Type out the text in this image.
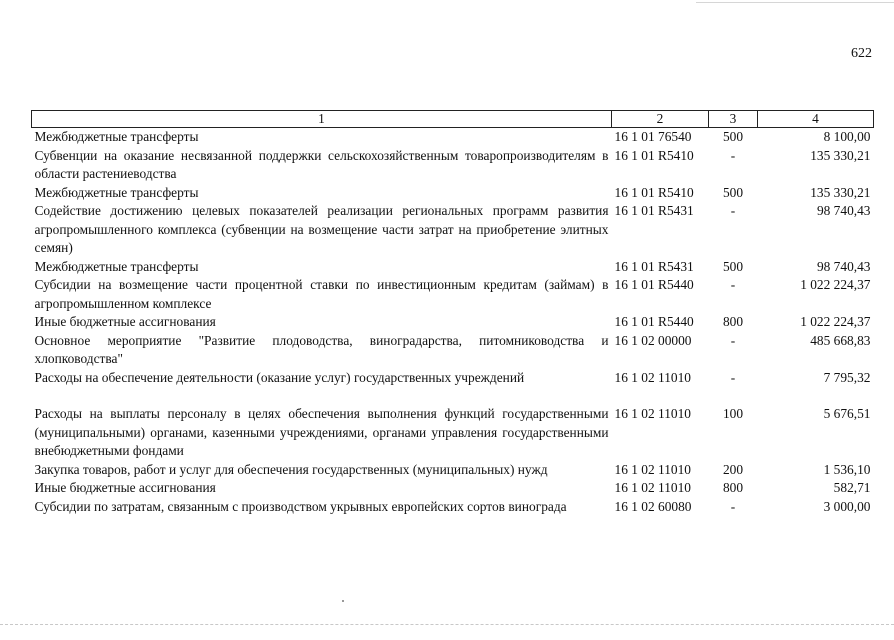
622
1	2	3	4
Межбюджетные трансферты	16 1 01 76540	500	8 100,00
Субвенции на оказание несвязанной поддержки сельскохозяйственным товаропроизводителям в области растениеводства	16 1 01 R5410	-	135 330,21
Межбюджетные трансферты	16 1 01 R5410	500	135 330,21
Содействие достижению целевых показателей реализации региональных программ развития агропромышленного комплекса (субвенции на возмещение части затрат на приобретение элитных семян)	16 1 01 R5431	-	98 740,43
Межбюджетные трансферты	16 1 01 R5431	500	98 740,43
Субсидии на возмещение части процентной ставки по инвестиционным кредитам (займам) в агропромышленном комплексе	16 1 01 R5440	-	1 022 224,37
Иные бюджетные ассигнования	16 1 01 R5440	800	1 022 224,37
Основное мероприятие "Развитие плодоводства, виноградарства, питомниководства и хлопководства"	16 1 02 00000	-	485 668,83
Расходы на обеспечение деятельности (оказание услуг) государственных учреждений	16 1 02 11010	-	7 795,32

Расходы на выплаты персоналу в целях обеспечения выполнения функций государственными (муниципальными) органами, казенными учреждениями, органами управления государственными внебюджетными фондами	16 1 02 11010	100	5 676,51
Закупка товаров, работ и услуг для обеспечения государственных (муниципальных) нужд	16 1 02 11010	200	1 536,10
Иные бюджетные ассигнования	16 1 02 11010	800	582,71
Субсидии по затратам, связанным с производством укрывных европейских сортов винограда	16 1 02 60080	-	3 000,00
